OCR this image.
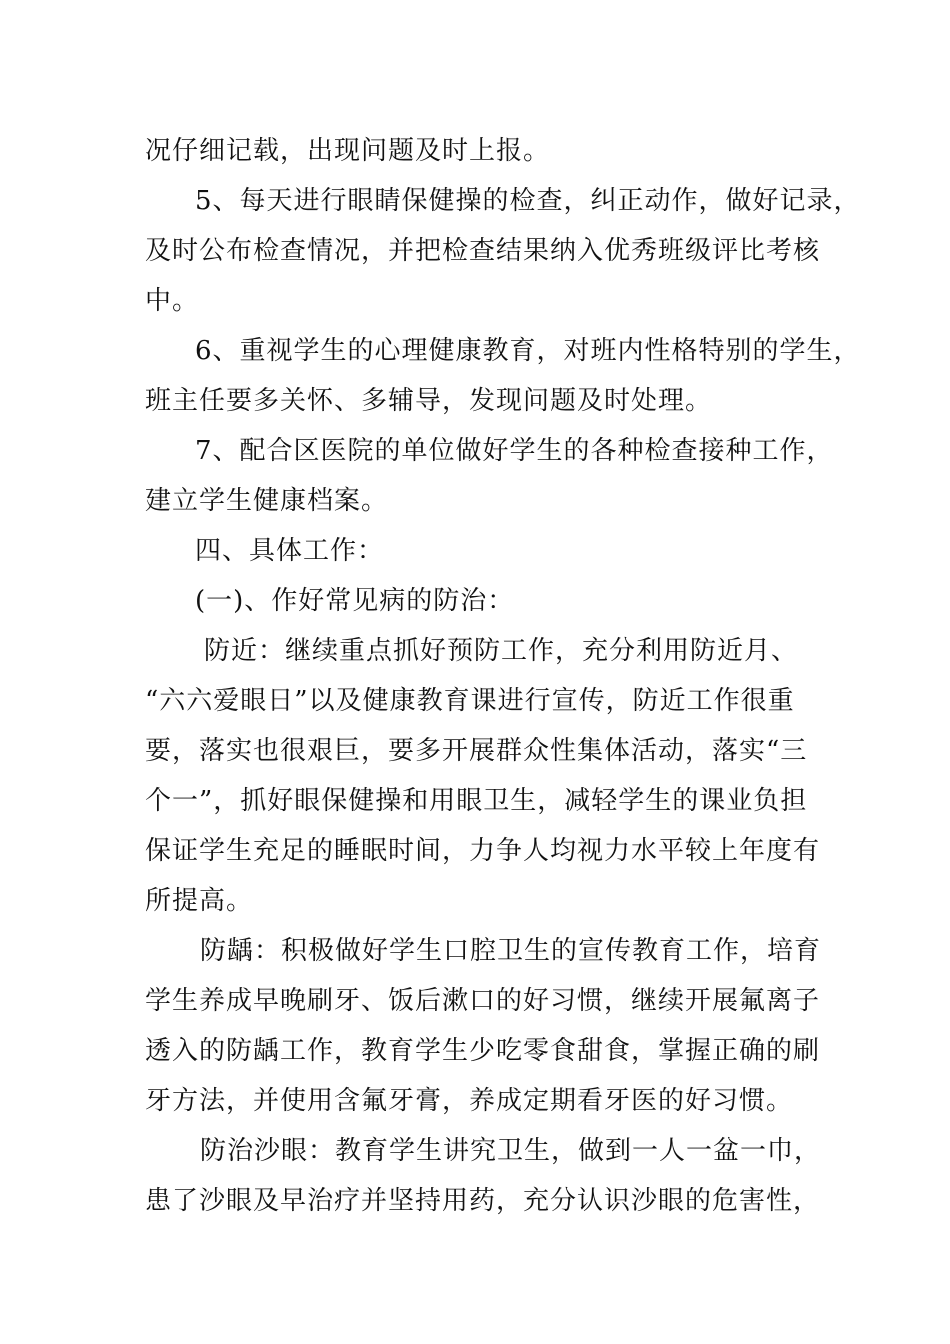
况仔细记载，出现问题及时上报。
5、每天进行眼睛保健操的检查，纠正动作，做好记录，
及时公布检查情况，并把检查结果纳入优秀班级评比考核
中。
6、重视学生的心理健康教育，对班内性格特别的学生，
班主任要多关怀、多辅导，发现问题及时处理。
7、配合区医院的单位做好学生的各种检查接种工作，
建立学生健康档案。
四、具体工作：
(一)、作好常见病的防治：
防近：继续重点抓好预防工作，充分利用防近月、
“六六爱眼日”以及健康教育课进行宣传，防近工作很重
要，落实也很艰巨，要多开展群众性集体活动，落实“三
个一”，抓好眼保健操和用眼卫生，减轻学生的课业负担
保证学生充足的睡眠时间，力争人均视力水平较上年度有
所提高。
防龋：积极做好学生口腔卫生的宣传教育工作，培育
学生养成早晚刷牙、饭后漱口的好习惯，继续开展氟离子
透入的防龋工作，教育学生少吃零食甜食，掌握正确的刷
牙方法，并使用含氟牙膏，养成定期看牙医的好习惯。
防治沙眼：教育学生讲究卫生，做到一人一盆一巾，
患了沙眼及早治疗并坚持用药，充分认识沙眼的危害性，
